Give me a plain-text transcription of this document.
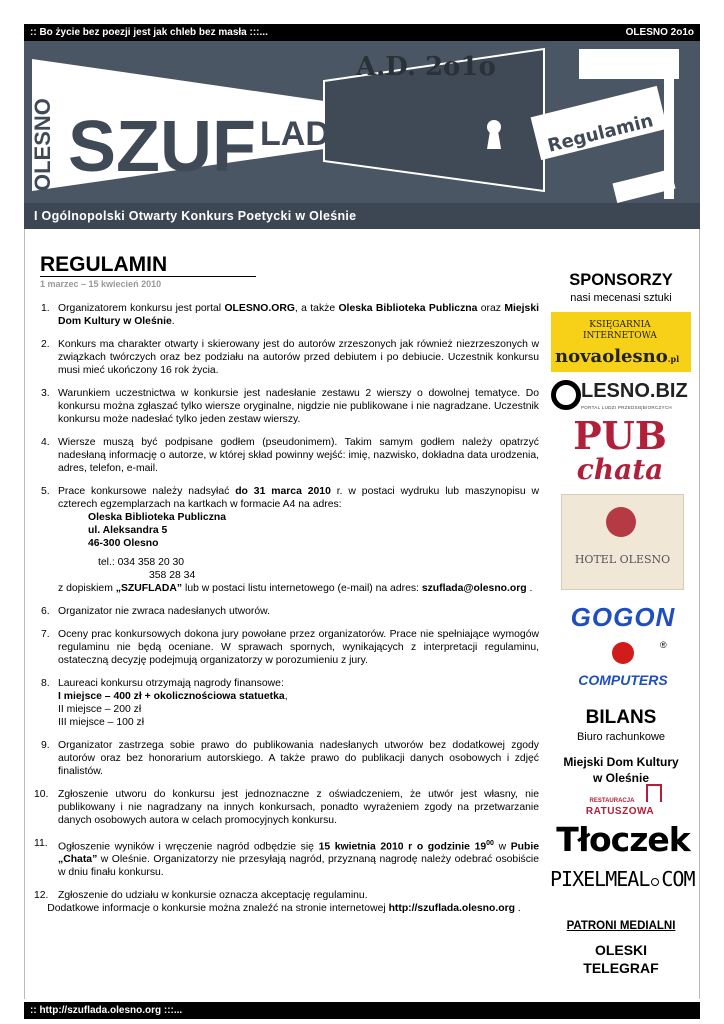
:: Bo życie bez poezji jest jak chleb bez masła :::...	OLESNO 2o1o
OLESNO SZUF LADA
A.D. 2o1o
Regulamin
I Ogólnopolski Otwarty Konkurs Poetycki w Oleśnie
REGULAMIN
1 marzec – 15 kwiecień 2010
1. Organizatorem konkursu jest portal OLESNO.ORG, a także Oleska Biblioteka Publiczna oraz Miejski Dom Kultury w Oleśnie.
2. Konkurs ma charakter otwarty i skierowany jest do autorów zrzeszonych jak również niezrzeszonych w związkach twórczych oraz bez podziału na autorów przed debiutem i po debiucie. Uczestnik konkursu musi mieć ukończony 16 rok życia.
3. Warunkiem uczestnictwa w konkursie jest nadesłanie zestawu 2 wierszy o dowolnej tematyce. Do konkursu można zgłaszać tylko wiersze oryginalne, nigdzie nie publikowane i nie nagradzane. Uczestnik konkursu może nadesłać tylko jeden zestaw wierszy.
4. Wiersze muszą być podpisane godłem (pseudonimem). Takim samym godłem należy opatrzyć nadesłaną informację o autorze, w której skład powinny wejść: imię, nazwisko, dokładna data urodzenia, adres, telefon, e-mail.
5. Prace konkursowe należy nadsyłać do 31 marca 2010 r. w postaci wydruku lub maszynopisu w czterech egzemplarzach na kartkach w formacie A4 na adres:
Oleska Biblioteka Publiczna
ul. Aleksandra 5
46-300 Olesno
tel.: 034 358 20 30
358 28 34
z dopiskiem „SZUFLADA” lub w postaci listu internetowego (e-mail) na adres: szuflada@olesno.org .
6. Organizator nie zwraca nadesłanych utworów.
7. Oceny prac konkursowych dokona jury powołane przez organizatorów. Prace nie spełniające wymogów regulaminu nie będą oceniane. W sprawach spornych, wynikających z interpretacji regulaminu, ostateczną decyzję podejmują organizatorzy w porozumieniu z jury.
8. Laureaci konkursu otrzymają nagrody finansowe:
I miejsce – 400 zł + okolicznościowa statuetka,
II miejsce – 200 zł
III miejsce – 100 zł
9. Organizator zastrzega sobie prawo do publikowania nadesłanych utworów bez dodatkowej zgody autorów oraz bez honorarium autorskiego. A także prawo do publikacji danych osobowych i zdjęć finalistów.
10. Zgłoszenie utworu do konkursu jest jednoznaczne z oświadczeniem, że utwór jest własny, nie publikowany i nie nagradzany na innych konkursach, ponadto wyrażeniem zgody na przetwarzanie danych osobowych autora w celach promocyjnych konkursu.
11. Ogłoszenie wyników i wręczenie nagród odbędzie się 15 kwietnia 2010 r o godzinie $19^{00}$ w Pubie „Chata” w Oleśnie. Organizatorzy nie przesyłają nagród, przyznaną nagrodę należy odebrać osobiście w dniu finału konkursu.
12. Zgłoszenie do udziału w konkursie oznacza akceptację regulaminu.
Dodatkowe informacje o konkursie można znaleźć na stronie internetowej http://szuflada.olesno.org .
SPONSORZY
nasi mecenasi sztuki
KSIĘGARNIA
INTERNETOWA
novaolesno.pl
LESNO.BIZ
PORTAL LUDZI PRZEDSIĘBIORCZYCH
PUB
chata
HOTEL OLESNO
GOGON
®
COMPUTERS
BILANS
Biuro rachunkowe
Miejski Dom Kultury
w Oleśnie
RESTAURACJA
RATUSZOWA
Tłoczek
PIXELMEAL COM
PATRONI MEDIALNI
OLESKI
TELEGRAF
:: http://szuflada.olesno.org :::...
